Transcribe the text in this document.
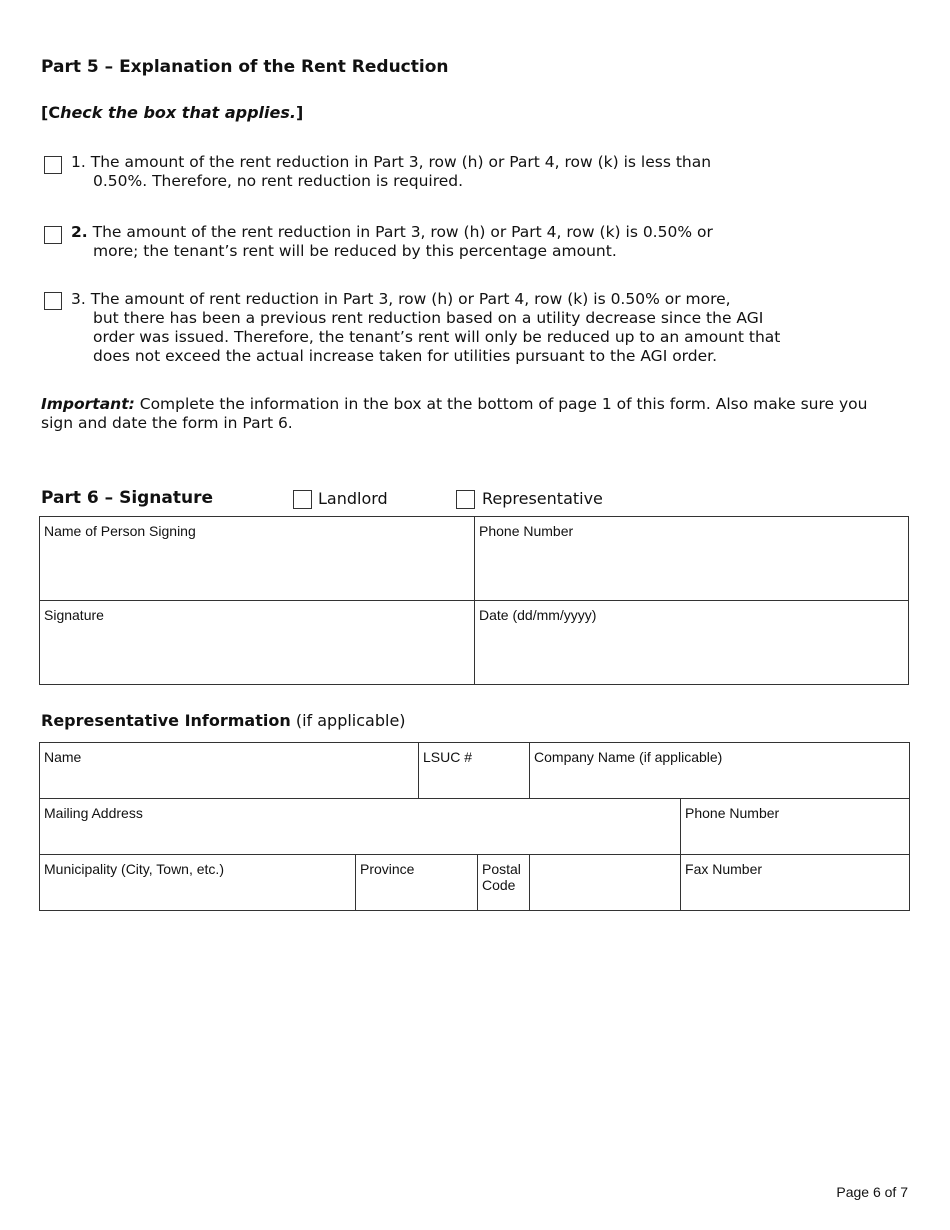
Part 5 – Explanation of the Rent Reduction
[Check the box that applies.]
1. The amount of the rent reduction in Part 3, row (h) or Part 4, row (k) is less than
0.50%. Therefore, no rent reduction is required.
2. The amount of the rent reduction in Part 3, row (h) or Part 4, row (k) is 0.50% or
more; the tenant’s rent will be reduced by this percentage amount.
3. The amount of rent reduction in Part 3, row (h) or Part 4, row (k) is 0.50% or more,
but there has been a previous rent reduction based on a utility decrease since the AGI
order was issued. Therefore, the tenant’s rent will only be reduced up to an amount that
does not exceed the actual increase taken for utilities pursuant to the AGI order.
Important: Complete the information in the box at the bottom of page 1 of this form. Also make sure you sign and date the form in Part 6.
Part 6 – Signature	Landlord	Representative
Name of Person Signing	Phone Number
Signature	Date (dd/mm/yyyy)
Representative Information (if applicable)
Name		LSUC #	Company Name (if applicable)	
Mailing Address				Phone Number
Municipality (City, Town, etc.)	Province Postal Code			Fax Number
Page 6 of 7
